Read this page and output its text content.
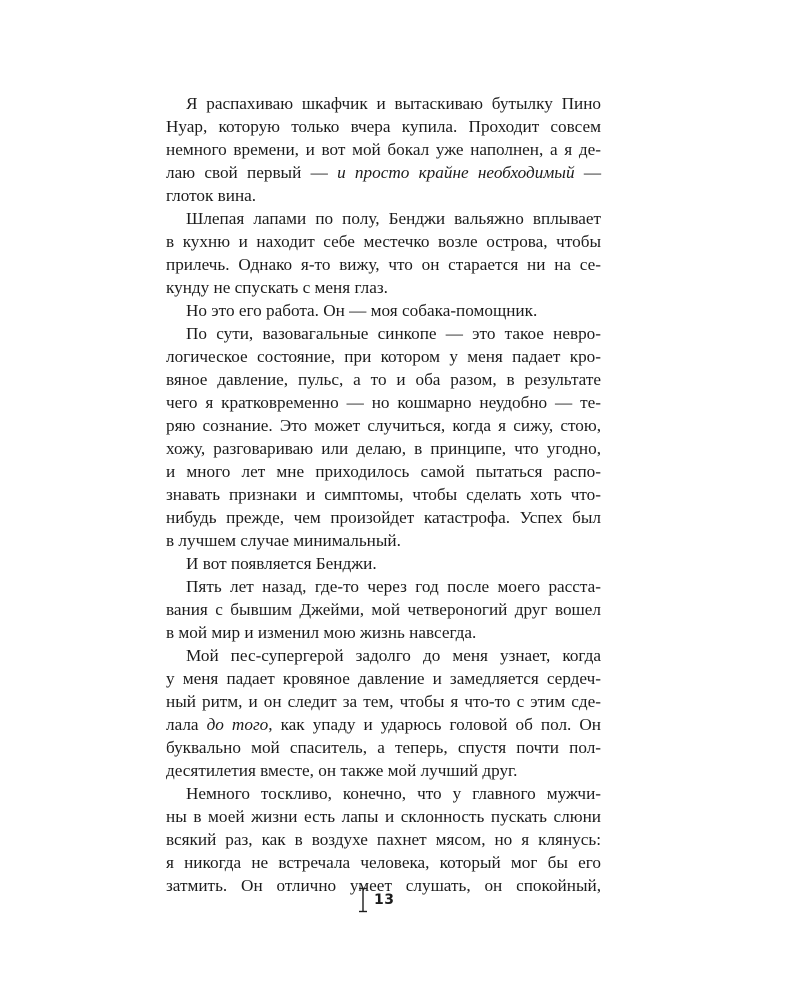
Я распахиваю шкафчик и вытаскиваю бутылку Пино
Нуар, которую только вчера купила. Проходит совсем
немного времени, и вот мой бокал уже наполнен, а я де-
лаю свой первый — и просто крайне необходимый —
глоток вина.
Шлепая лапами по полу, Бенджи вальяжно вплывает
в кухню и находит себе местечко возле острова, чтобы
прилечь. Однако я-то вижу, что он старается ни на се-
кунду не спускать с меня глаз.
Но это его работа. Он — моя собака-помощник.
По сути, вазовагальные синкопе — это такое невро-
логическое состояние, при котором у меня падает кро-
вяное давление, пульс, а то и оба разом, в результате
чего я кратковременно — но кошмарно неудобно — те-
ряю сознание. Это может случиться, когда я сижу, стою,
хожу, разговариваю или делаю, в принципе, что угодно,
и много лет мне приходилось самой пытаться распо-
знавать признаки и симптомы, чтобы сделать хоть что-
нибудь прежде, чем произойдет катастрофа. Успех был
в лучшем случае минимальный.
И вот появляется Бенджи.
Пять лет назад, где-то через год после моего расста-
вания с бывшим Джейми, мой четвероногий друг вошел
в мой мир и изменил мою жизнь навсегда.
Мой пес-супергерой задолго до меня узнает, когда
у меня падает кровяное давление и замедляется сердеч-
ный ритм, и он следит за тем, чтобы я что-то с этим сде-
лала до того, как упаду и ударюсь головой об пол. Он
буквально мой спаситель, а теперь, спустя почти пол-
десятилетия вместе, он также мой лучший друг.
Немного тоскливо, конечно, что у главного мужчи-
ны в моей жизни есть лапы и склонность пускать слюни
всякий раз, как в воздухе пахнет мясом, но я клянусь:
я никогда не встречала человека, который мог бы его
затмить. Он отлично умеет слушать, он спокойный,
13
